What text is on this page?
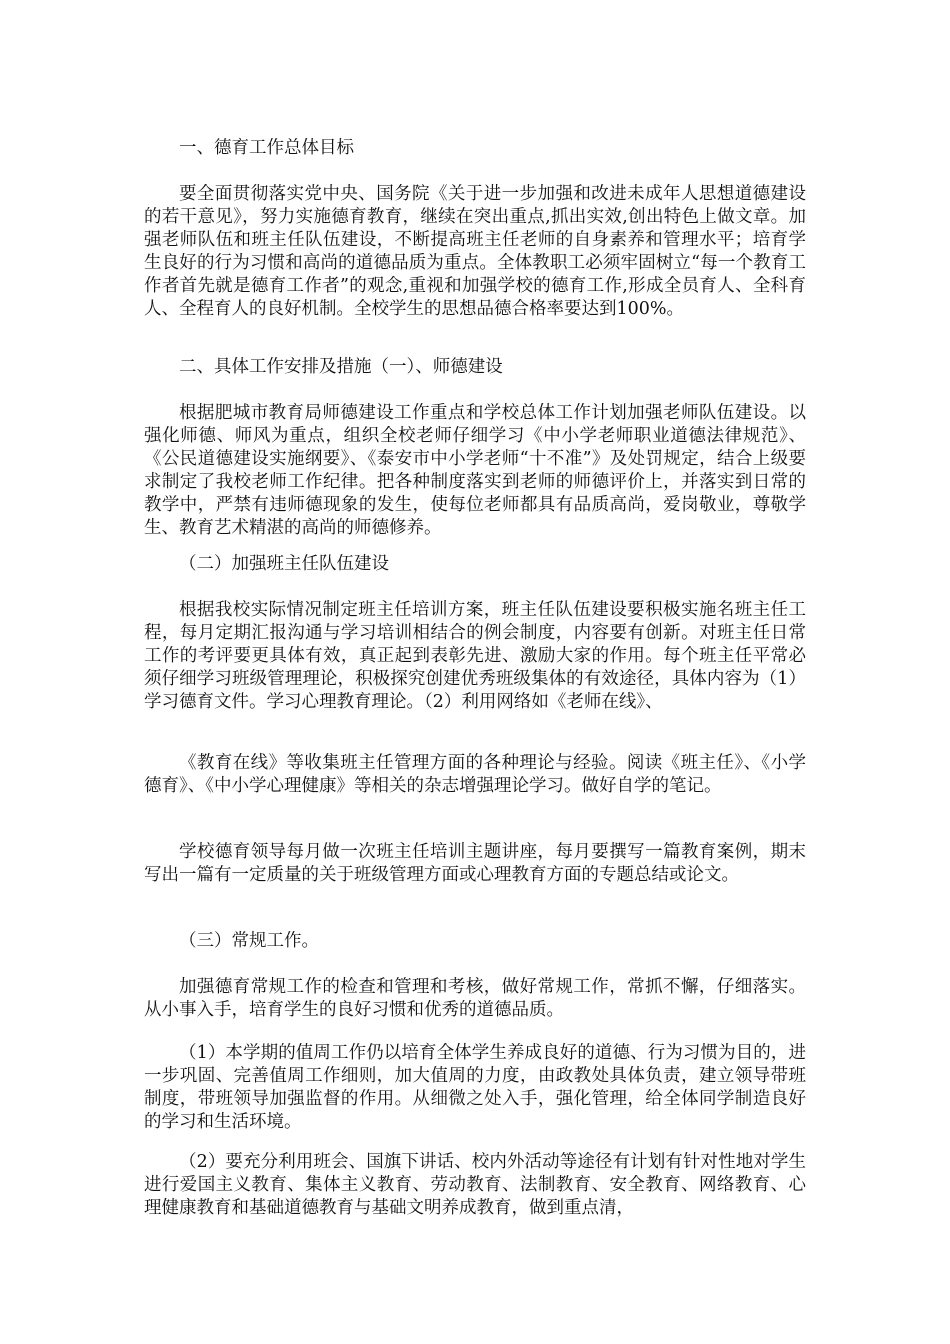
一、德育工作总体目标

要全面贯彻落实党中央、国务院《关于进一步加强和改进未成年人思想道德建设的若干意见》，努力实施德育教育，继续在突出重点,抓出实效,创出特色上做文章。加强老师队伍和班主任队伍建设，不断提高班主任老师的自身素养和管理水平；培育学生良好的行为习惯和高尚的道德品质为重点。全体教职工必须牢固树立“每一个教育工作者首先就是德育工作者”的观念,重视和加强学校的德育工作,形成全员育人、全科育人、全程育人的良好机制。全校学生的思想品德合格率要达到100%。

二、具体工作安排及措施（一）、师德建设

根据肥城市教育局师德建设工作重点和学校总体工作计划加强老师队伍建设。以强化师德、师风为重点，组织全校老师仔细学习《中小学老师职业道德法律规范》、《公民道德建设实施纲要》、《泰安市中小学老师“十不准”》及处罚规定，结合上级要求制定了我校老师工作纪律。把各种制度落实到老师的师德评价上，并落实到日常的教学中，严禁有违师德现象的发生，使每位老师都具有品质高尚，爱岗敬业，尊敬学生、教育艺术精湛的高尚的师德修养。

（二）加强班主任队伍建设

根据我校实际情况制定班主任培训方案，班主任队伍建设要积极实施名班主任工程，每月定期汇报沟通与学习培训相结合的例会制度，内容要有创新。对班主任日常工作的考评要更具体有效，真正起到表彰先进、激励大家的作用。每个班主任平常必须仔细学习班级管理理论，积极探究创建优秀班级集体的有效途径，具体内容为（1）学习德育文件。学习心理教育理论。（2）利用网络如《老师在线》、

《教育在线》等收集班主任管理方面的各种理论与经验。阅读《班主任》、《小学德育》、《中小学心理健康》等相关的杂志增强理论学习。做好自学的笔记。

学校德育领导每月做一次班主任培训主题讲座，每月要撰写一篇教育案例，期末写出一篇有一定质量的关于班级管理方面或心理教育方面的专题总结或论文。

（三）常规工作。

加强德育常规工作的检查和管理和考核，做好常规工作，常抓不懈，仔细落实。从小事入手，培育学生的良好习惯和优秀的道德品质。

（1）本学期的值周工作仍以培育全体学生养成良好的道德、行为习惯为目的，进一步巩固、完善值周工作细则，加大值周的力度，由政教处具体负责，建立领导带班制度，带班领导加强监督的作用。从细微之处入手，强化管理，给全体同学制造良好的学习和生活环境。

（2）要充分利用班会、国旗下讲话、校内外活动等途径有计划有针对性地对学生进行爱国主义教育、集体主义教育、劳动教育、法制教育、安全教育、网络教育、心理健康教育和基础道德教育与基础文明养成教育，做到重点清，
